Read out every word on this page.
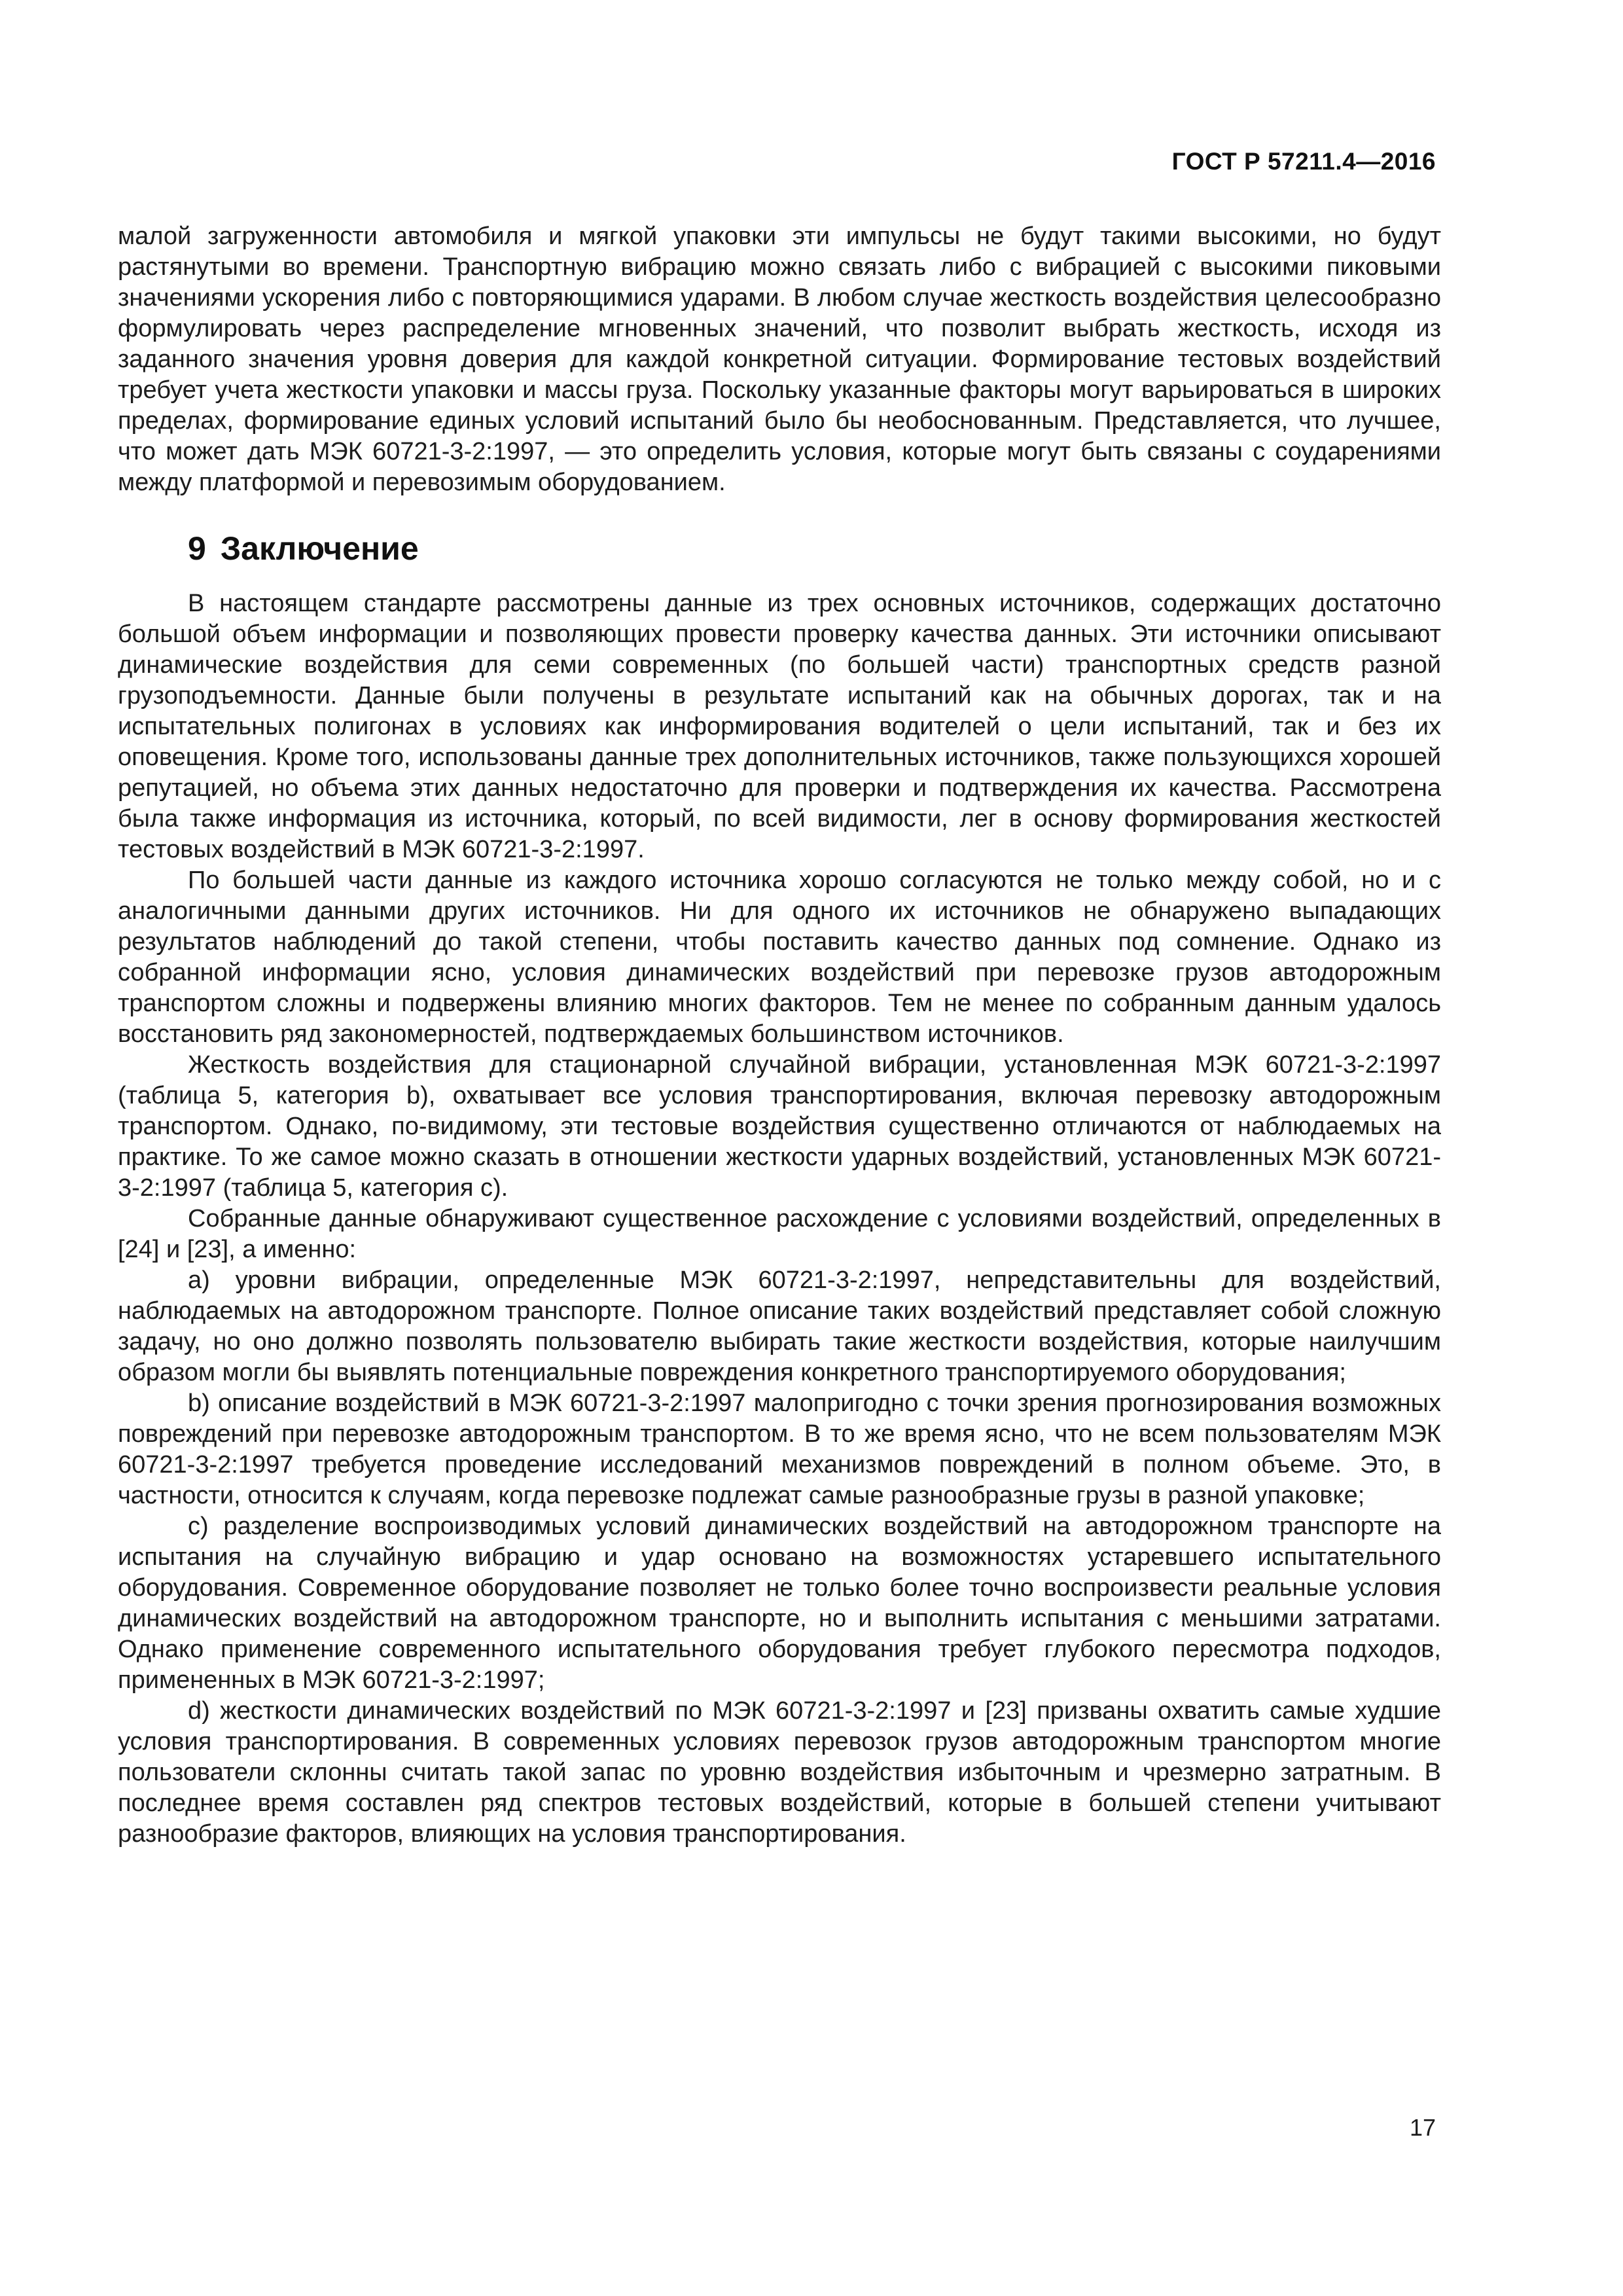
ГОСТ Р 57211.4—2016

малой загруженности автомобиля и мягкой упаковки эти импульсы не будут такими высокими, но будут растянутыми во времени. Транспортную вибрацию можно связать либо с вибрацией с высокими пиковыми значениями ускорения либо с повторяющимися ударами. В любом случае жесткость воздействия целесообразно формулировать через распределение мгновенных значений, что позволит выбрать жесткость, исходя из заданного значения уровня доверия для каждой конкретной ситуации. Формирование тестовых воздействий требует учета жесткости упаковки и массы груза. Поскольку указанные факторы могут варьироваться в широких пределах, формирование единых условий испытаний было бы необоснованным. Представляется, что лучшее, что может дать МЭК 60721-3-2:1997, — это определить условия, которые могут быть связаны с соударениями между платформой и перевозимым оборудованием.

9 Заключение

В настоящем стандарте рассмотрены данные из трех основных источников, содержащих достаточно большой объем информации и позволяющих провести проверку качества данных. Эти источники описывают динамические воздействия для семи современных (по большей части) транспортных средств разной грузоподъемности. Данные были получены в результате испытаний как на обычных дорогах, так и на испытательных полигонах в условиях как информирования водителей о цели испытаний, так и без их оповещения. Кроме того, использованы данные трех дополнительных источников, также пользующихся хорошей репутацией, но объема этих данных недостаточно для проверки и подтверждения их качества. Рассмотрена была также информация из источника, который, по всей видимости, лег в основу формирования жесткостей тестовых воздействий в МЭК 60721-3-2:1997.

По большей части данные из каждого источника хорошо согласуются не только между собой, но и с аналогичными данными других источников. Ни для одного их источников не обнаружено выпадающих результатов наблюдений до такой степени, чтобы поставить качество данных под сомнение. Однако из собранной информации ясно, условия динамических воздействий при перевозке грузов автодорожным транспортом сложны и подвержены влиянию многих факторов. Тем не менее по собранным данным удалось восстановить ряд закономерностей, подтверждаемых большинством источников.

Жесткость воздействия для стационарной случайной вибрации, установленная МЭК 60721-3-2:1997 (таблица 5, категория b), охватывает все условия транспортирования, включая перевозку автодорожным транспортом. Однако, по-видимому, эти тестовые воздействия существенно отличаются от наблюдаемых на практике. То же самое можно сказать в отношении жесткости ударных воздействий, установленных МЭК 60721-3-2:1997 (таблица 5, категория c).

Собранные данные обнаруживают существенное расхождение с условиями воздействий, определенных в [24] и [23], а именно:

а) уровни вибрации, определенные МЭК 60721-3-2:1997, непредставительны для воздействий, наблюдаемых на автодорожном транспорте. Полное описание таких воздействий представляет собой сложную задачу, но оно должно позволять пользователю выбирать такие жесткости воздействия, которые наилучшим образом могли бы выявлять потенциальные повреждения конкретного транспортируемого оборудования;

b) описание воздействий в МЭК 60721-3-2:1997 малопригодно с точки зрения прогнозирования возможных повреждений при перевозке автодорожным транспортом. В то же время ясно, что не всем пользователям МЭК 60721-3-2:1997 требуется проведение исследований механизмов повреждений в полном объеме. Это, в частности, относится к случаям, когда перевозке подлежат самые разнообразные грузы в разной упаковке;

c) разделение воспроизводимых условий динамических воздействий на автодорожном транспорте на испытания на случайную вибрацию и удар основано на возможностях устаревшего испытательного оборудования. Современное оборудование позволяет не только более точно воспроизвести реальные условия динамических воздействий на автодорожном транспорте, но и выполнить испытания с меньшими затратами. Однако применение современного испытательного оборудования требует глубокого пересмотра подходов, примененных в МЭК 60721-3-2:1997;

d) жесткости динамических воздействий по МЭК 60721-3-2:1997 и [23] призваны охватить самые худшие условия транспортирования. В современных условиях перевозок грузов автодорожным транспортом многие пользователи склонны считать такой запас по уровню воздействия избыточным и чрезмерно затратным. В последнее время составлен ряд спектров тестовых воздействий, которые в большей степени учитывают разнообразие факторов, влияющих на условия транспортирования.

17
